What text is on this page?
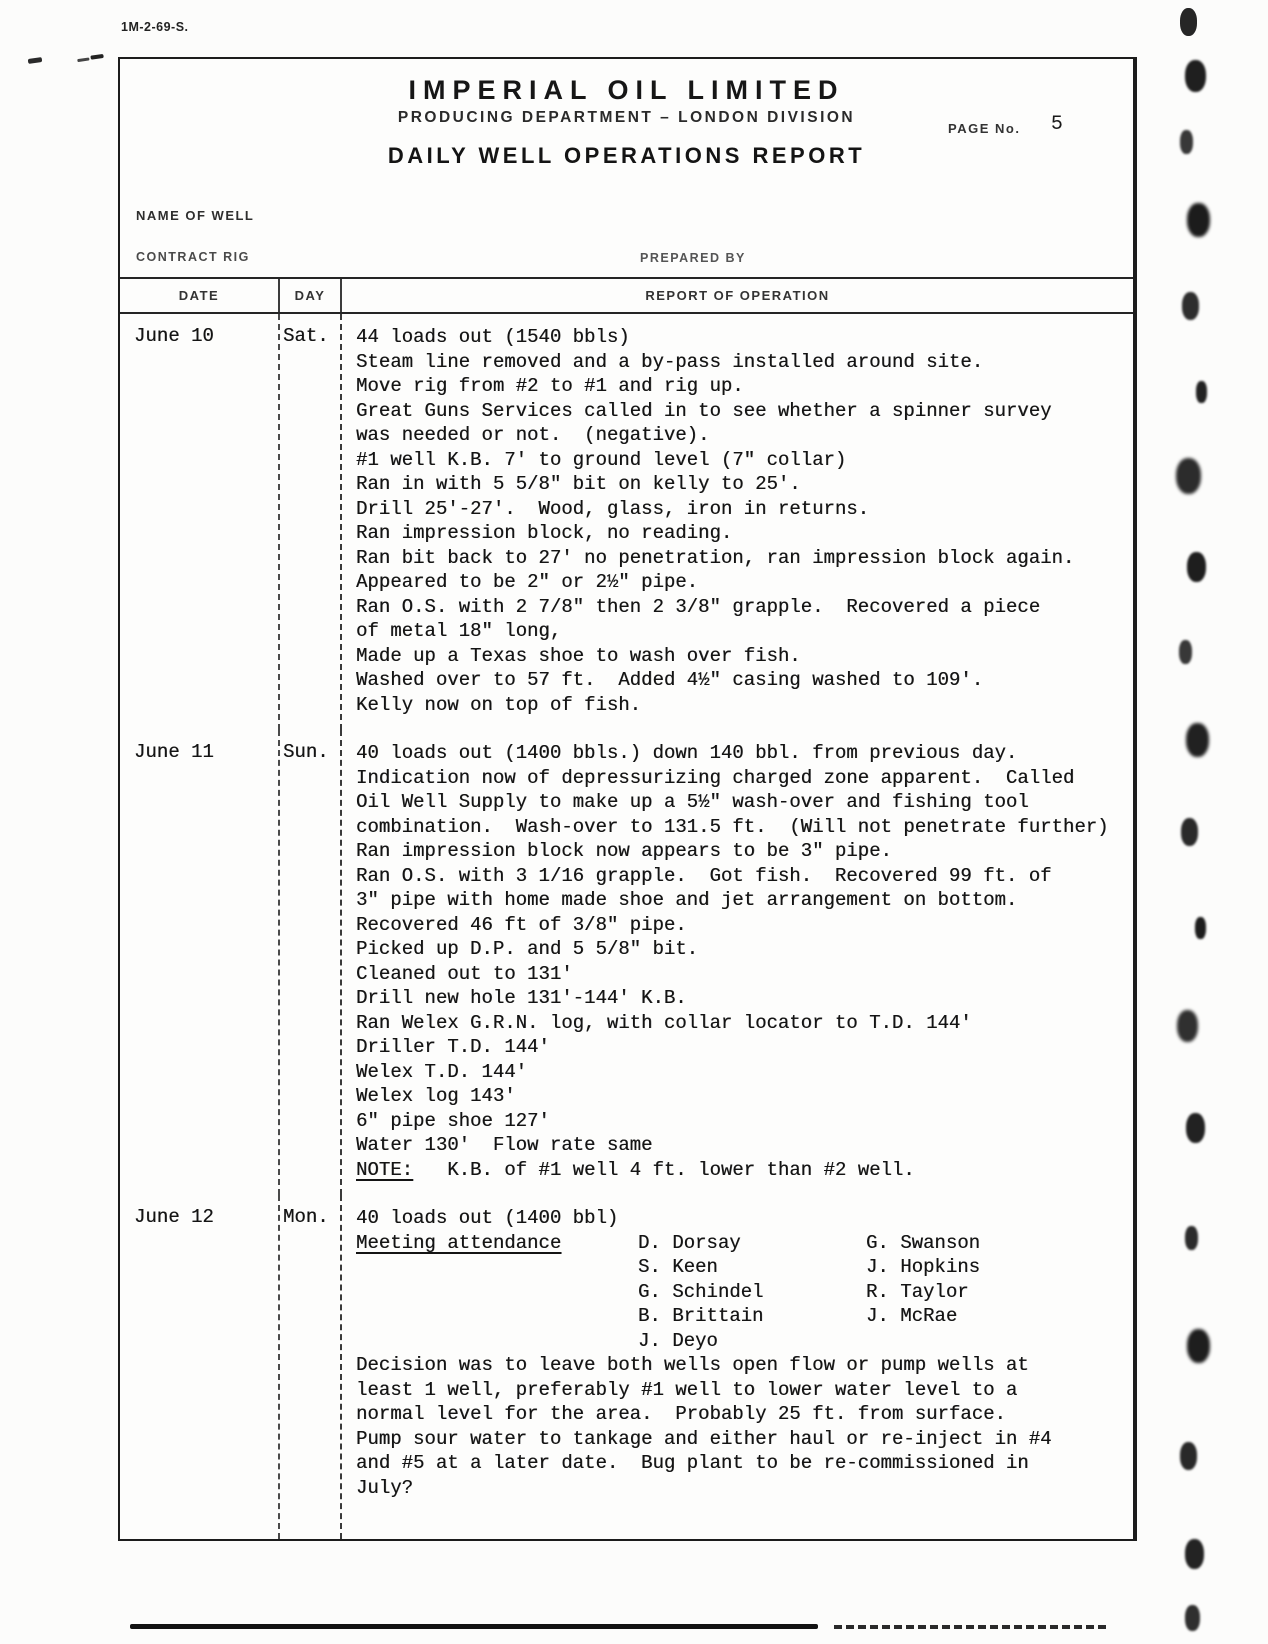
1M-2-69-S.
IMPERIAL OIL LIMITED
PRODUCING DEPARTMENT – LONDON DIVISION
PAGE No. 5
DAILY WELL OPERATIONS REPORT
NAME OF WELL
CONTRACT RIG	PREPARED BY
DATE	DAY	REPORT OF OPERATION
June 10	Sat.	44 loads out (1540 bbls)
Steam line removed and a by-pass installed around site.
Move rig from #2 to #1 and rig up.
Great Guns Services called in to see whether a spinner survey
was needed or not.  (negative).
#1 well K.B. 7' to ground level (7" collar)
Ran in with 5 5/8" bit on kelly to 25'.
Drill 25'-27'.  Wood, glass, iron in returns.
Ran impression block, no reading.
Ran bit back to 27' no penetration, ran impression block again.
Appeared to be 2" or 2½" pipe.
Ran O.S. with 2 7/8" then 2 3/8" grapple.  Recovered a piece
of metal 18" long,
Made up a Texas shoe to wash over fish.
Washed over to 57 ft.  Added 4½" casing washed to 109'.
Kelly now on top of fish.
June 11	Sun.	40 loads out (1400 bbls.) down 140 bbl. from previous day.
Indication now of depressurizing charged zone apparent.  Called
Oil Well Supply to make up a 5½" wash-over and fishing tool
combination.  Wash-over to 131.5 ft.  (Will not penetrate further)
Ran impression block now appears to be 3" pipe.
Ran O.S. with 3 1/16 grapple.  Got fish.  Recovered 99 ft. of
3" pipe with home made shoe and jet arrangement on bottom.
Recovered 46 ft of 3/8" pipe.
Picked up D.P. and 5 5/8" bit.
Cleaned out to 131'
Drill new hole 131'-144' K.B.
Ran Welex G.R.N. log, with collar locator to T.D. 144'
Driller T.D. 144'
Welex T.D. 144'
Welex log 143'
6" pipe shoe 127'
Water 130'  Flow rate same
NOTE:   K.B. of #1 well 4 ft. lower than #2 well.
June 12	Mon.	40 loads out (1400 bbl)
Meeting attendance	D. Dorsay	G. Swanson
S. Keen	J. Hopkins
G. Schindel	R. Taylor
B. Brittain	J. McRae
J. Deyo
Decision was to leave both wells open flow or pump wells at
least 1 well, preferably #1 well to lower water level to a
normal level for the area.  Probably 25 ft. from surface.
Pump sour water to tankage and either haul or re-inject in #4
and #5 at a later date.  Bug plant to be re-commissioned in
July?
